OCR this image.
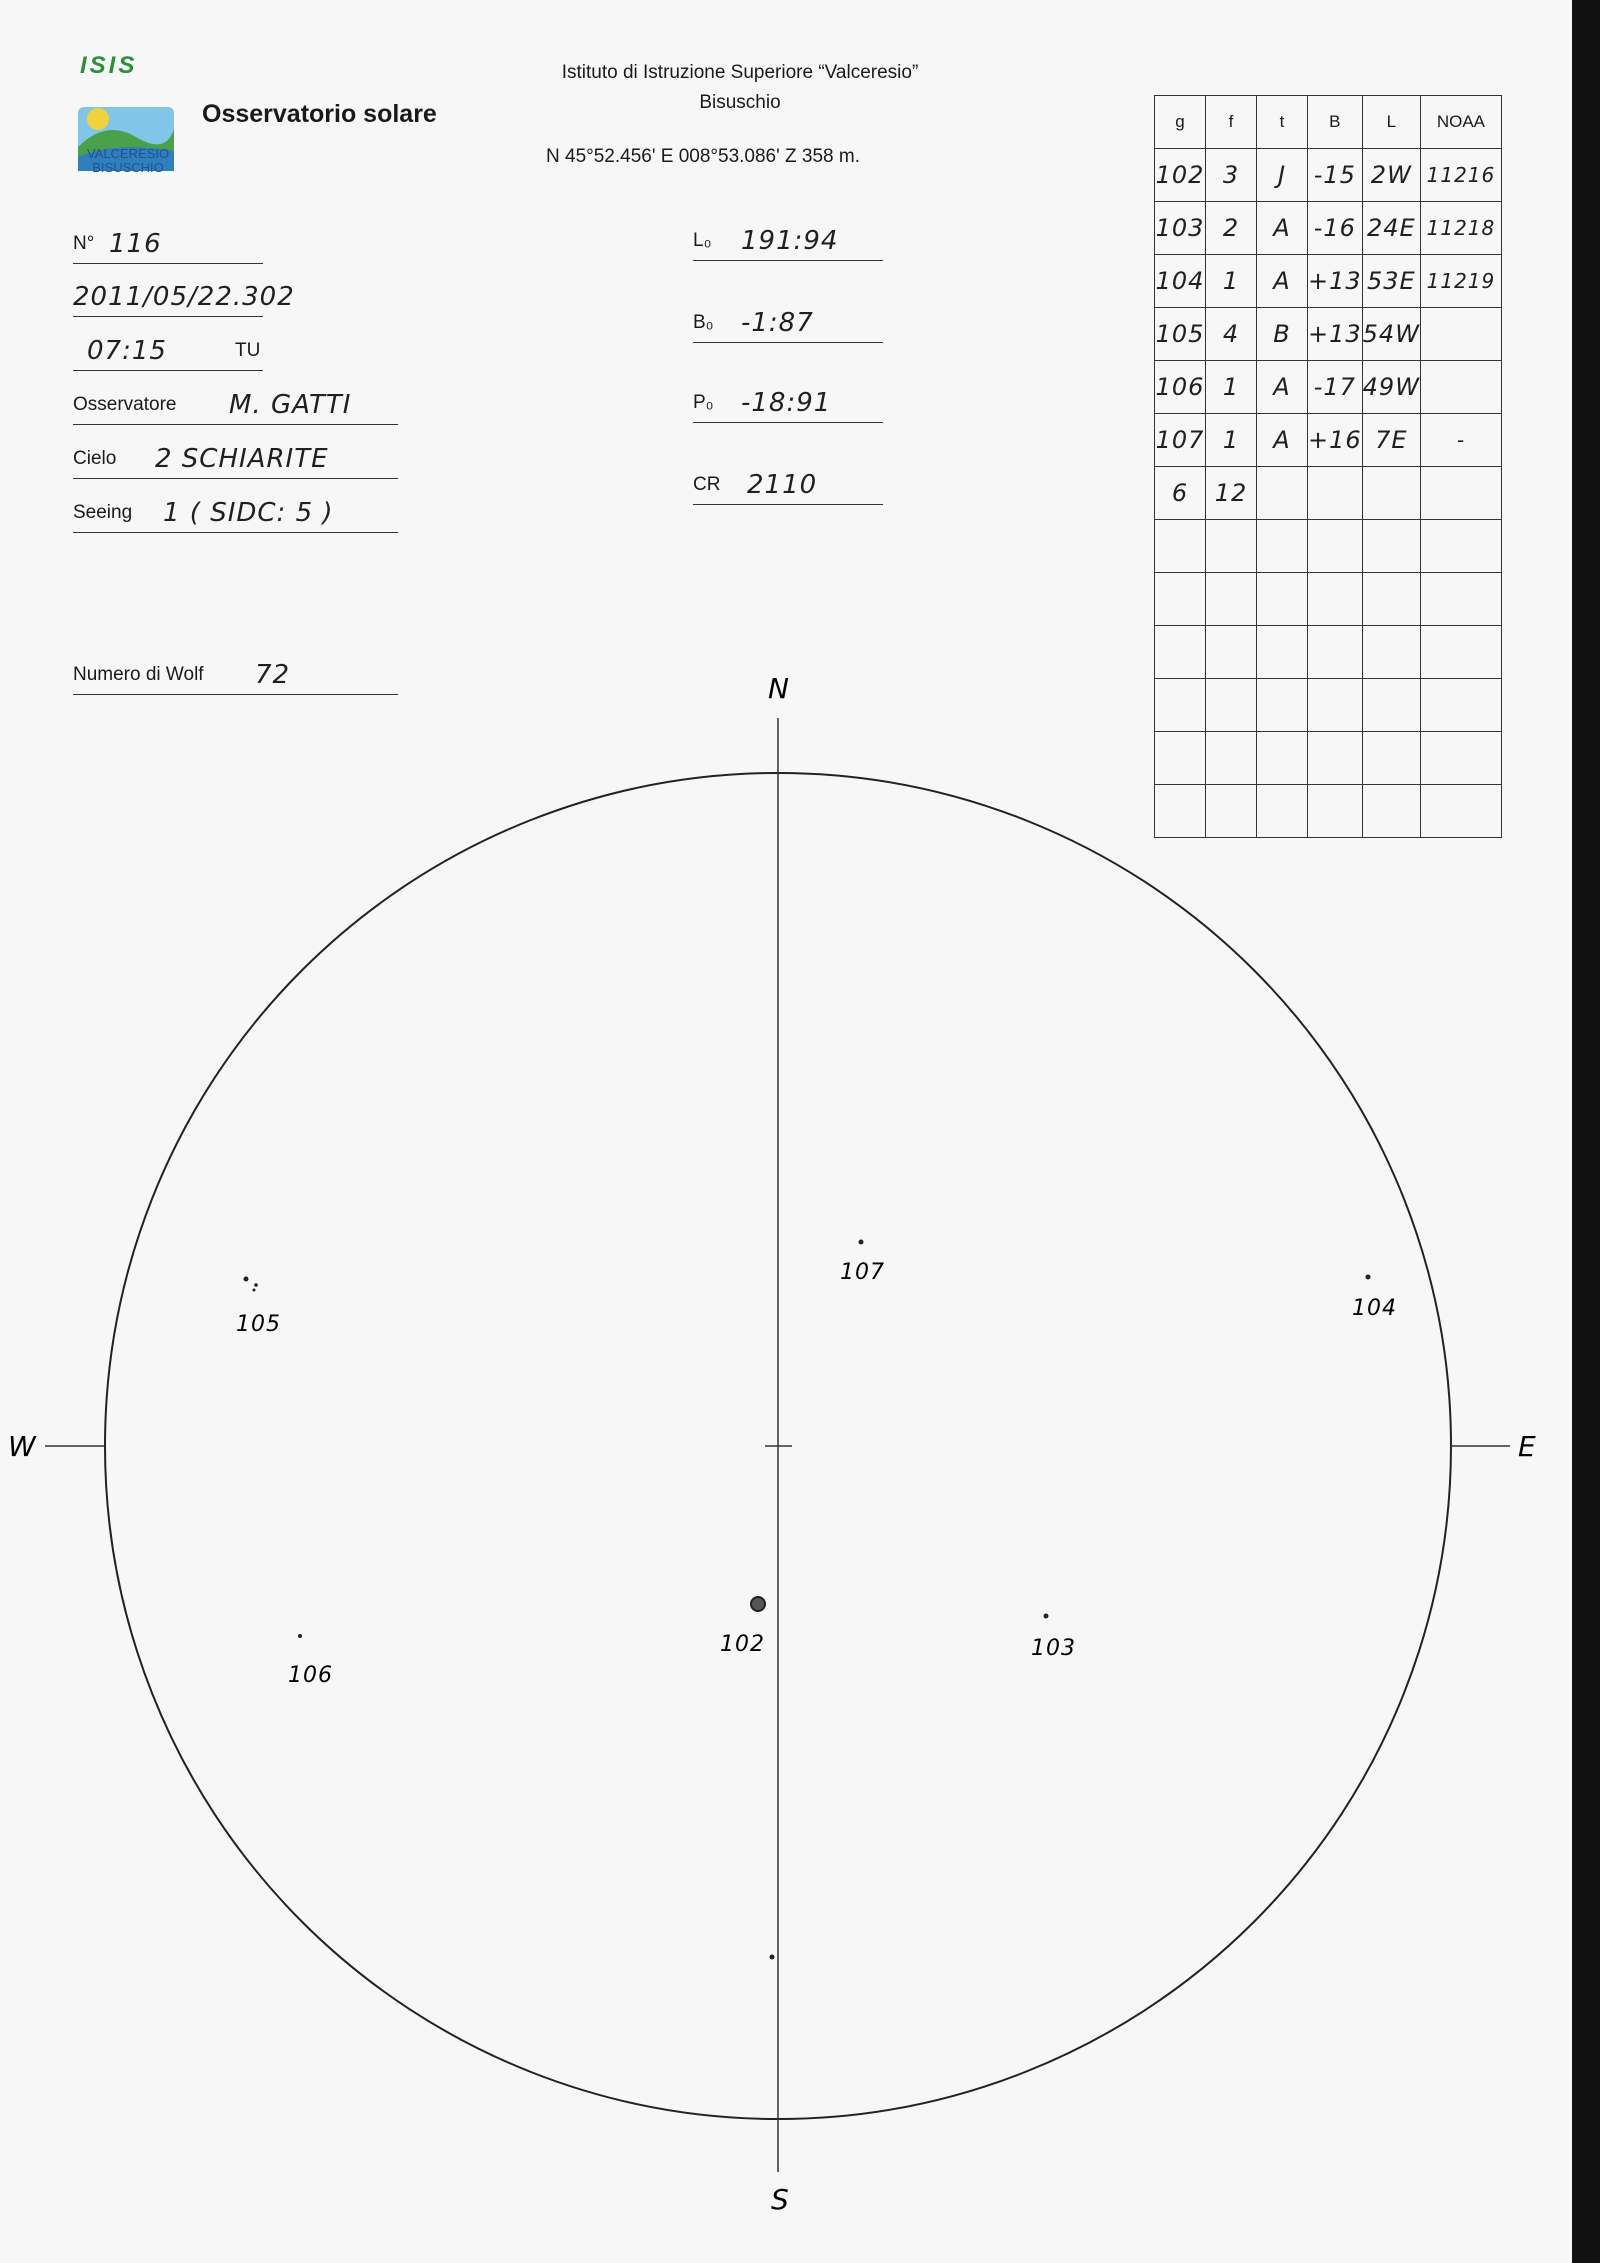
ISIS
VALCERESIO
BISUSCHIO
Osservatorio solare
Istituto di Istruzione Superiore “Valceresio”
Bisuschio
N 45°52.456' E 008°53.086' Z 358 m.
N° 116
2011/05/22.302
07:15	TU
Osservatore M. GATTI
Cielo 2 SCHIARITE
Seeing 1 ( SIDC: 5 )
Numero di Wolf 72
L₀ 191:94
B₀ -1:87
P₀ -18:91
CR 2110
g	f	t	B	L	NOAA
102	3	J	-15	2W	11216
103	2	A	-16	24E	11218
104	1	A	+13	53E	11219
105	4	B	+13	54W	
106	1	A	-17	49W	
107	1	A	+16	7E	-
6	12				

N
S
W	E
107
104
105
102	103
106
